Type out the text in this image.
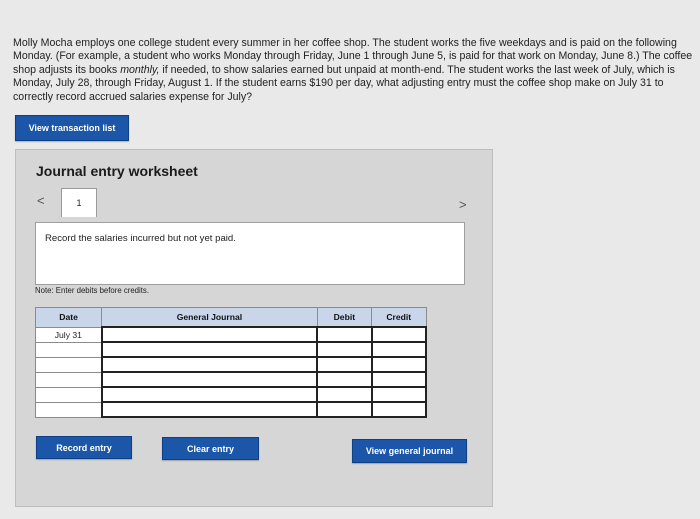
Molly Mocha employs one college student every summer in her coffee shop. The student works the five weekdays and is paid on the following Monday. (For example, a student who works Monday through Friday, June 1 through June 5, is paid for that work on Monday, June 8.) The coffee shop adjusts its books monthly, if needed, to show salaries earned but unpaid at month-end. The student works the last week of July, which is Monday, July 28, through Friday, August 1. If the student earns $190 per day, what adjusting entry must the coffee shop make on July 31 to correctly record accrued salaries expense for July?

View transaction list
Journal entry worksheet
<	1	>
Record the salaries incurred but not yet paid.
Note: Enter debits before credits.
Date	General Journal	Debit	Credit
July 31			

Record entry	Clear entry	View general journal
